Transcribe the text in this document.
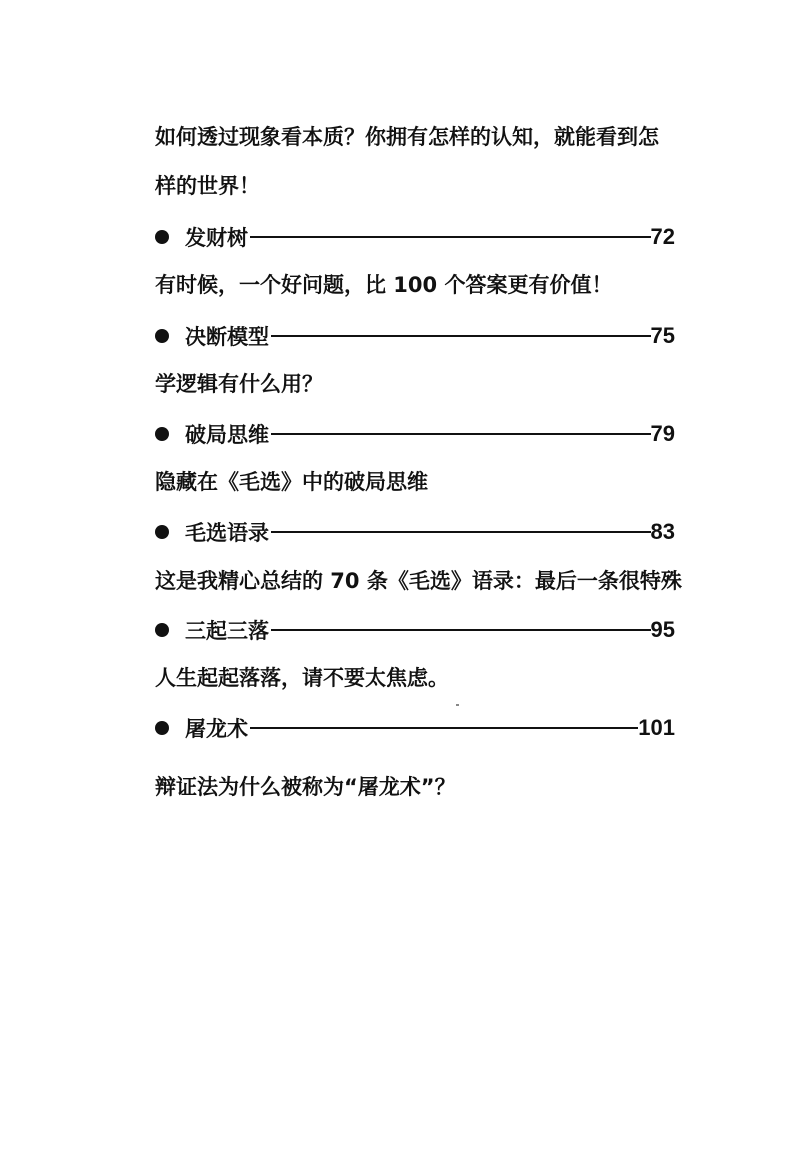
如何透过现象看本质？你拥有怎样的认知，就能看到怎
样的世界！
发财树	72
有时候，一个好问题，比 100 个答案更有价值！
决断模型	75
学逻辑有什么用？
破局思维	79
隐藏在《毛选》中的破局思维
毛选语录	83
这是我精心总结的 70 条《毛选》语录：最后一条很特殊
三起三落	95
人生起起落落，请不要太焦虑。
屠龙术	101
辩证法为什么被称为“屠龙术”？
